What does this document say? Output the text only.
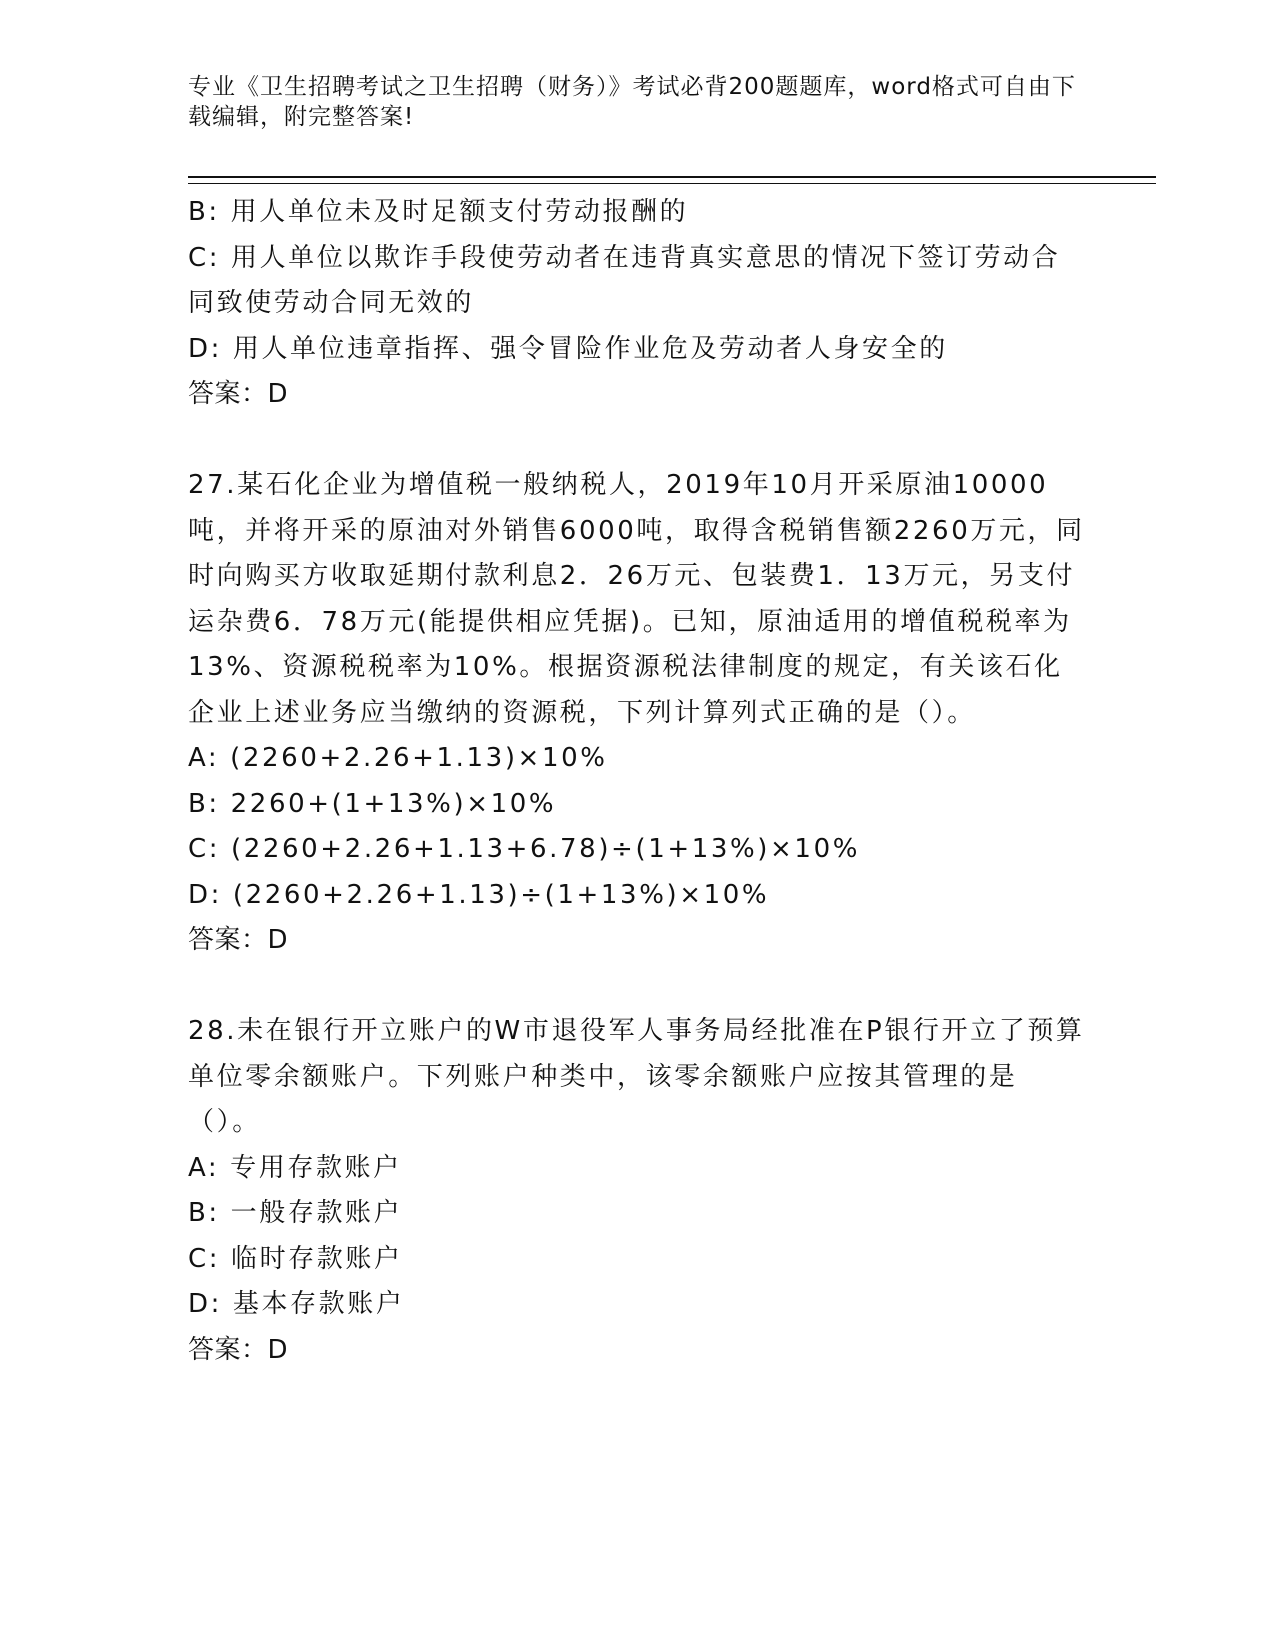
专业《卫生招聘考试之卫生招聘（财务）》考试必背200题题库，word格式可自由下载编辑，附完整答案!

B: 用人单位未及时足额支付劳动报酬的

C: 用人单位以欺诈手段使劳动者在违背真实意思的情况下签订劳动合同致使劳动合同无效的

D: 用人单位违章指挥、强令冒险作业危及劳动者人身安全的

答案：D

27.某石化企业为增值税一般纳税人，2019年10月开采原油10000吨，并将开采的原油对外销售6000吨，取得含税销售额2260万元，同时向购买方收取延期付款利息2．26万元、包装费1．13万元，另支付运杂费6．78万元(能提供相应凭据)。已知，原油适用的增值税税率为13%、资源税税率为10%。根据资源税法律制度的规定，有关该石化企业上述业务应当缴纳的资源税，下列计算列式正确的是（）。

A: (2260+2.26+1.13)×10%

B: 2260+(1+13%)×10%

C: (2260+2.26+1.13+6.78)÷(1+13%)×10%

D: (2260+2.26+1.13)÷(1+13%)×10%

答案：D

28.未在银行开立账户的W市退役军人事务局经批准在P银行开立了预算单位零余额账户。下列账户种类中，该零余额账户应按其管理的是（）。

A: 专用存款账户

B: 一般存款账户

C: 临时存款账户

D: 基本存款账户

答案：D
